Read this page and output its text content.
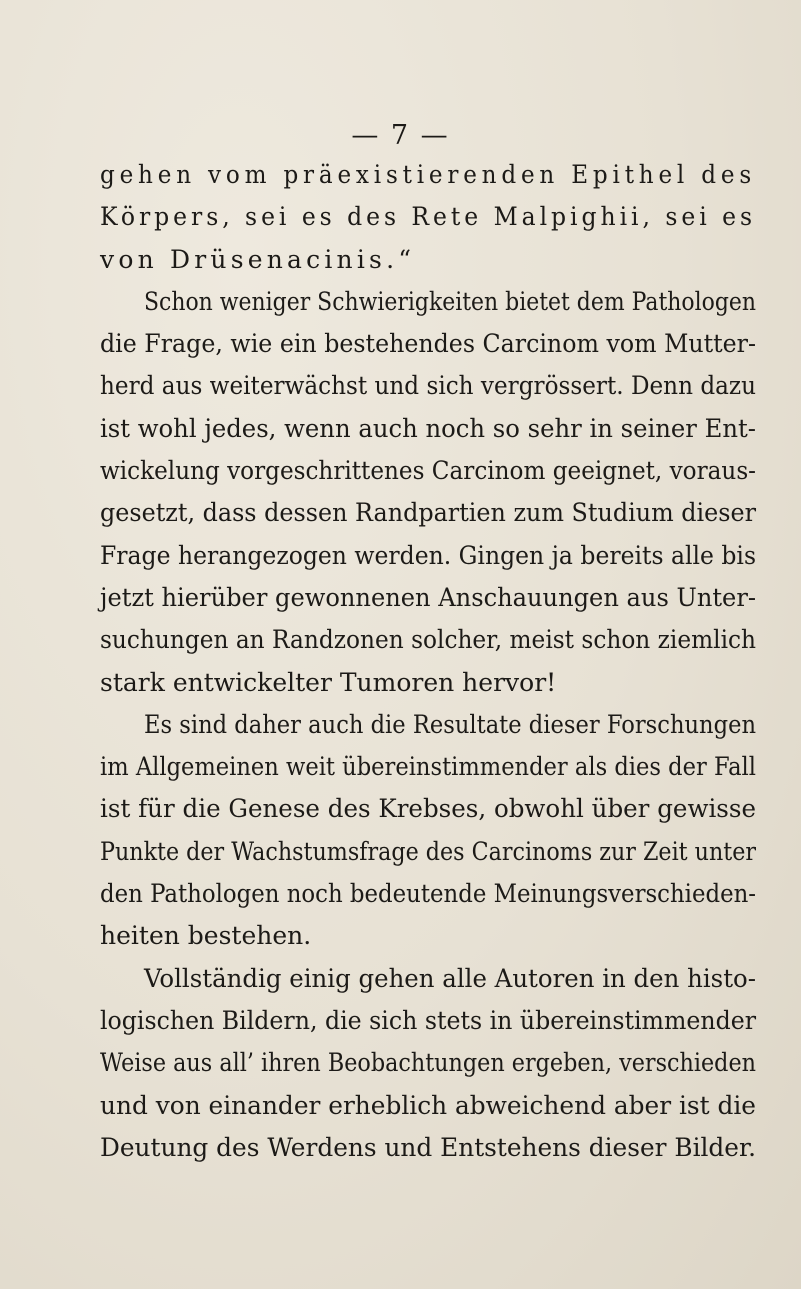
— 7 —
gehen vom präexistierenden Epithel des
Körpers, sei es des Rete Malpighii, sei es
von Drüsenacinis.“
Schon weniger Schwierigkeiten bietet dem Pathologen
die Frage, wie ein bestehendes Carcinom vom Mutter-
herd aus weiterwächst und sich vergrössert. Denn dazu
ist wohl jedes, wenn auch noch so sehr in seiner Ent-
wickelung vorgeschrittenes Carcinom geeignet, voraus-
gesetzt, dass dessen Randpartien zum Studium dieser
Frage herangezogen werden. Gingen ja bereits alle bis
jetzt hierüber gewonnenen Anschauungen aus Unter-
suchungen an Randzonen solcher, meist schon ziemlich
stark entwickelter Tumoren hervor!
Es sind daher auch die Resultate dieser Forschungen
im Allgemeinen weit übereinstimmender als dies der Fall
ist für die Genese des Krebses, obwohl über gewisse
Punkte der Wachstumsfrage des Carcinoms zur Zeit unter
den Pathologen noch bedeutende Meinungsverschieden-
heiten bestehen.
Vollständig einig gehen alle Autoren in den histo-
logischen Bildern, die sich stets in übereinstimmender
Weise aus all’ ihren Beobachtungen ergeben, verschieden
und von einander erheblich abweichend aber ist die
Deutung des Werdens und Entstehens dieser Bilder.
